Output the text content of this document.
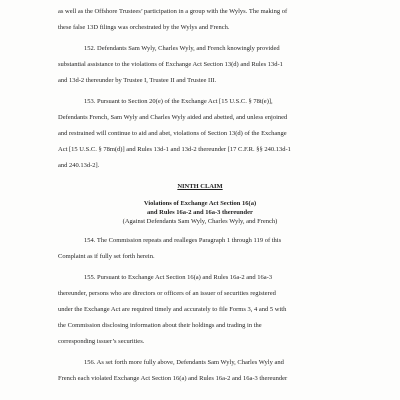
as well as the Offshore Trustees’ participation in a group with the Wylys. The making of

these false 13D filings was orchestrated by the Wylys and French.

152. Defendants Sam Wyly, Charles Wyly, and French knowingly provided

substantial assistance to the violations of Exchange Act Section 13(d) and Rules 13d-1

and 13d-2 thereunder by Trustee I, Trustee II and Trustee III.

153. Pursuant to Section 20(e) of the Exchange Act [15 U.S.C. § 78t(e)],

Defendants French, Sam Wyly and Charles Wyly aided and abetted, and unless enjoined

and restrained will continue to aid and abet, violations of Section 13(d) of the Exchange

Act [15 U.S.C. § 78m(d)] and Rules 13d-1 and 13d-2 thereunder [17 C.F.R. §§ 240.13d-1

and 240.13d-2].

NINTH CLAIM

Violations of Exchange Act Section 16(a)

and Rules 16a-2 and 16a-3 thereunder

(Against Defendants Sam Wyly, Charles Wyly, and French)

154. The Commission repeats and realleges Paragraph 1 through 119 of this

Complaint as if fully set forth herein.

155. Pursuant to Exchange Act Section 16(a) and Rules 16a-2 and 16a-3

thereunder, persons who are directors or officers of an issuer of securities registered

under the Exchange Act are required timely and accurately to file Forms 3, 4 and 5 with

the Commission disclosing information about their holdings and trading in the

corresponding issuer’s securities.

156. As set forth more fully above, Defendants Sam Wyly, Charles Wyly and

French each violated Exchange Act Section 16(a) and Rules 16a-2 and 16a-3 thereunder
